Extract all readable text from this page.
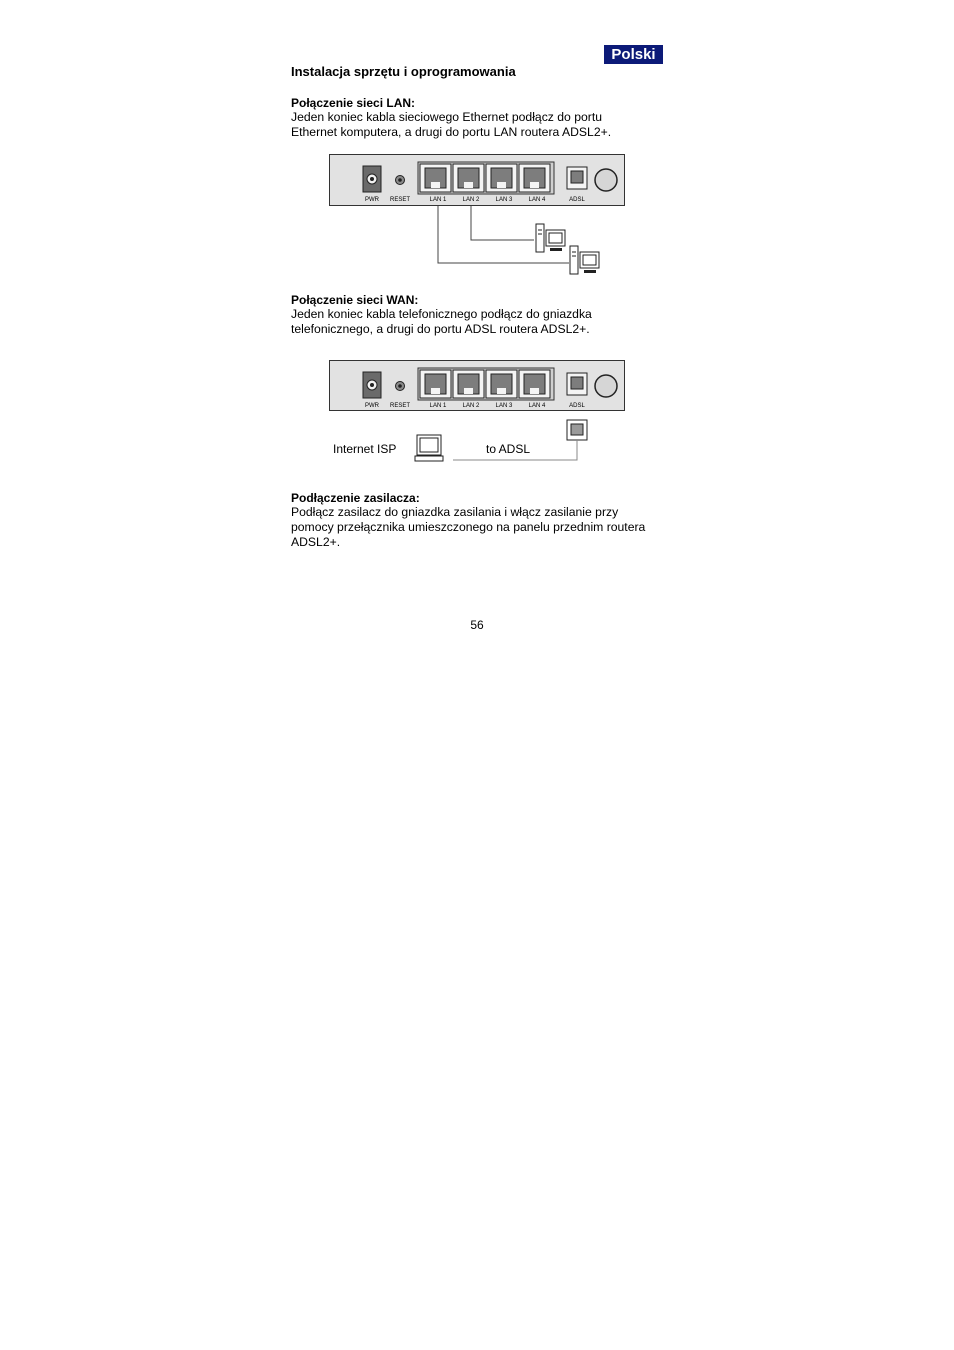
Polski
Instalacja sprzętu i oprogramowania
Połączenie sieci LAN:
Jeden koniec kabla sieciowego Ethernet podłącz do portu
Ethernet komputera, a drugi do portu LAN routera ADSL2+.
PWR RESET	LAN 1	LAN 2	LAN 3	LAN 4	ADSL
Połączenie sieci WAN:
Jeden koniec kabla telefonicznego podłącz do gniazdka
telefonicznego, a drugi do portu ADSL routera ADSL2+.
PWR RESET	LAN 1	LAN 2	LAN 3	LAN 4	ADSL
Internet ISP	to ADSL
Podłączenie zasilacza:
Podłącz zasilacz do gniazdka zasilania i włącz zasilanie przy
pomocy przełącznika umieszczonego na panelu przednim routera
ADSL2+.
56
